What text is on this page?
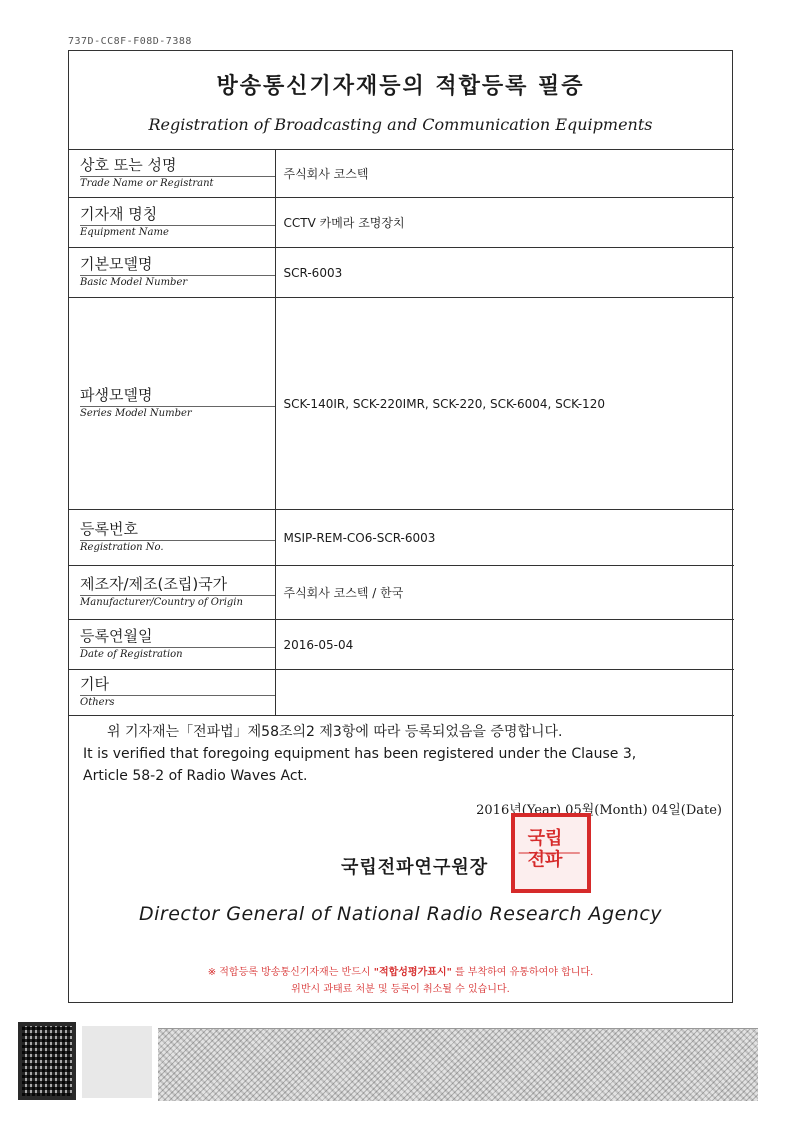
737D-CC8F-F08D-7388
방송통신기자재등의 적합등록 필증
Registration of Broadcasting and Communication Equipments
상호 또는 성명
Trade Name or Registrant	주식회사 코스텍

기자재 명칭
Equipment Name	CCTV 카메라 조명장치

기본모델명
Basic Model Number	SCR-6003

파생모델명
Series Model Number	SCK-140IR, SCK-220IMR, SCK-220, SCK-6004, SCK-120

등록번호
Registration No.	MSIP-REM-CO6-SCR-6003

제조자/제조(조립)국가
Manufacturer/Country of Origin	주식회사 코스텍 / 한국

등록연월일
Date of Registration	2016-05-04

기타
Others	

위 기자재는「전파법」제58조의2 제3항에 따라 등록되었음을 증명합니다.
It is verified that foregoing equipment has been registered under the Clause 3,
Article 58-2 of Radio Waves Act.
2016년(Year) 05월(Month) 04일(Date)
국립전파연구원장
국립
전파
Director General of National Radio Research Agency
※ 적합등록 방송통신기자재는 반드시 "적합성평가표시" 를 부착하여 유통하여야 합니다.
위반시 과태료 처분 및 등록이 취소될 수 있습니다.
